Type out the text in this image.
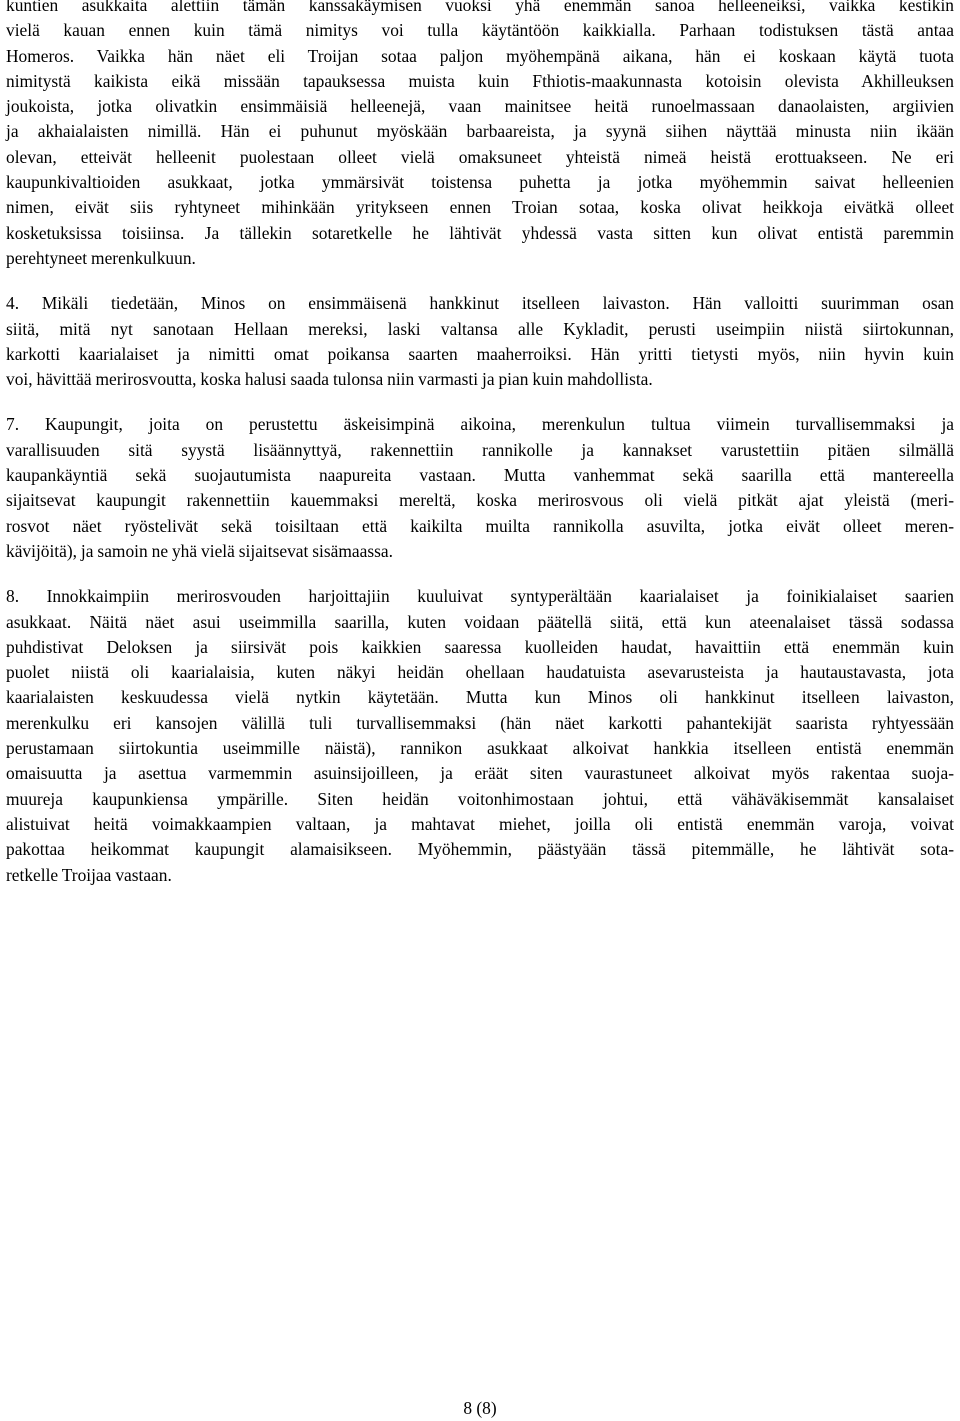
kuntien asukkaita alettiin tämän kanssakäymisen vuoksi yhä enemmän sanoa helleeneiksi, vaikka kestikin
vielä kauan ennen kuin tämä nimitys voi tulla käytäntöön kaikkialla. Parhaan todistuksen tästä antaa
Homeros. Vaikka hän näet eli Troijan sotaa paljon myöhempänä aikana, hän ei koskaan käytä tuota
nimitystä kaikista eikä missään tapauksessa muista kuin Fthiotis-maakunnasta kotoisin olevista Akhilleuksen
joukoista, jotka olivatkin ensimmäisiä helleenejä, vaan mainitsee heitä runoelmassaan danaolaisten, argiivien
ja akhaialaisten nimillä. Hän ei puhunut myöskään barbaareista, ja syynä siihen näyttää minusta niin ikään
olevan, etteivät helleenit puolestaan olleet vielä omaksuneet yhteistä nimeä heistä erottuakseen. Ne eri
kaupunkivaltioiden asukkaat, jotka ymmärsivät toistensa puhetta ja jotka myöhemmin saivat helleenien
nimen, eivät siis ryhtyneet mihinkään yritykseen ennen Troian sotaa, koska olivat heikkoja eivätkä olleet
kosketuksissa toisiinsa. Ja tällekin sotaretkelle he lähtivät yhdessä vasta sitten kun olivat entistä paremmin
perehtyneet merenkulkuun.

4. Mikäli tiedetään, Minos on ensimmäisenä hankkinut itselleen laivaston. Hän valloitti suurimman osan
siitä, mitä nyt sanotaan Hellaan mereksi, laski valtansa alle Kykladit, perusti useimpiin niistä siirtokunnan,
karkotti kaarialaiset ja nimitti omat poikansa saarten maaherroiksi. Hän yritti tietysti myös, niin hyvin kuin
voi, hävittää merirosvoutta, koska halusi saada tulonsa niin varmasti ja pian kuin mahdollista.

7. Kaupungit, joita on perustettu äskeisimpinä aikoina, merenkulun tultua viimein turvallisemmaksi ja
varallisuuden sitä syystä lisäännyttyä, rakennettiin rannikolle ja kannakset varustettiin pitäen silmällä
kaupankäyntiä sekä suojautumista naapureita vastaan. Mutta vanhemmat sekä saarilla että mantereella
sijaitsevat kaupungit rakennettiin kauemmaksi mereltä, koska merirosvous oli vielä pitkät ajat yleistä (meri-
rosvot näet ryöstelivät sekä toisiltaan että kaikilta muilta rannikolla asuvilta, jotka eivät olleet meren-
kävijöitä), ja samoin ne yhä vielä sijaitsevat sisämaassa.

8. Innokkaimpiin merirosvouden harjoittajiin kuuluivat syntyperältään kaarialaiset ja foinikialaiset saarien
asukkaat. Näitä näet asui useimmilla saarilla, kuten voidaan päätellä siitä, että kun ateenalaiset tässä sodassa
puhdistivat Deloksen ja siirsivät pois kaikkien saaressa kuolleiden haudat, havaittiin että enemmän kuin
puolet niistä oli kaarialaisia, kuten näkyi heidän ohellaan haudatuista asevarusteista ja hautaustavasta, jota
kaarialaisten keskuudessa vielä nytkin käytetään. Mutta kun Minos oli hankkinut itselleen laivaston,
merenkulku eri kansojen välillä tuli turvallisemmaksi (hän näet karkotti pahantekijät saarista ryhtyessään
perustamaan siirtokuntia useimmille näistä), rannikon asukkaat alkoivat hankkia itselleen entistä enemmän
omaisuutta ja asettua varmemmin asuinsijoilleen, ja eräät siten vaurastuneet alkoivat myös rakentaa suoja-
muureja kaupunkiensa ympärille. Siten heidän voitonhimostaan johtui, että vähäväkisemmät kansalaiset
alistuivat heitä voimakkaampien valtaan, ja mahtavat miehet, joilla oli entistä enemmän varoja, voivat
pakottaa heikommat kaupungit alamaisikseen. Myöhemmin, päästyään tässä pitemmälle, he lähtivät sota-
retkelle Troijaa vastaan.

8 (8)
